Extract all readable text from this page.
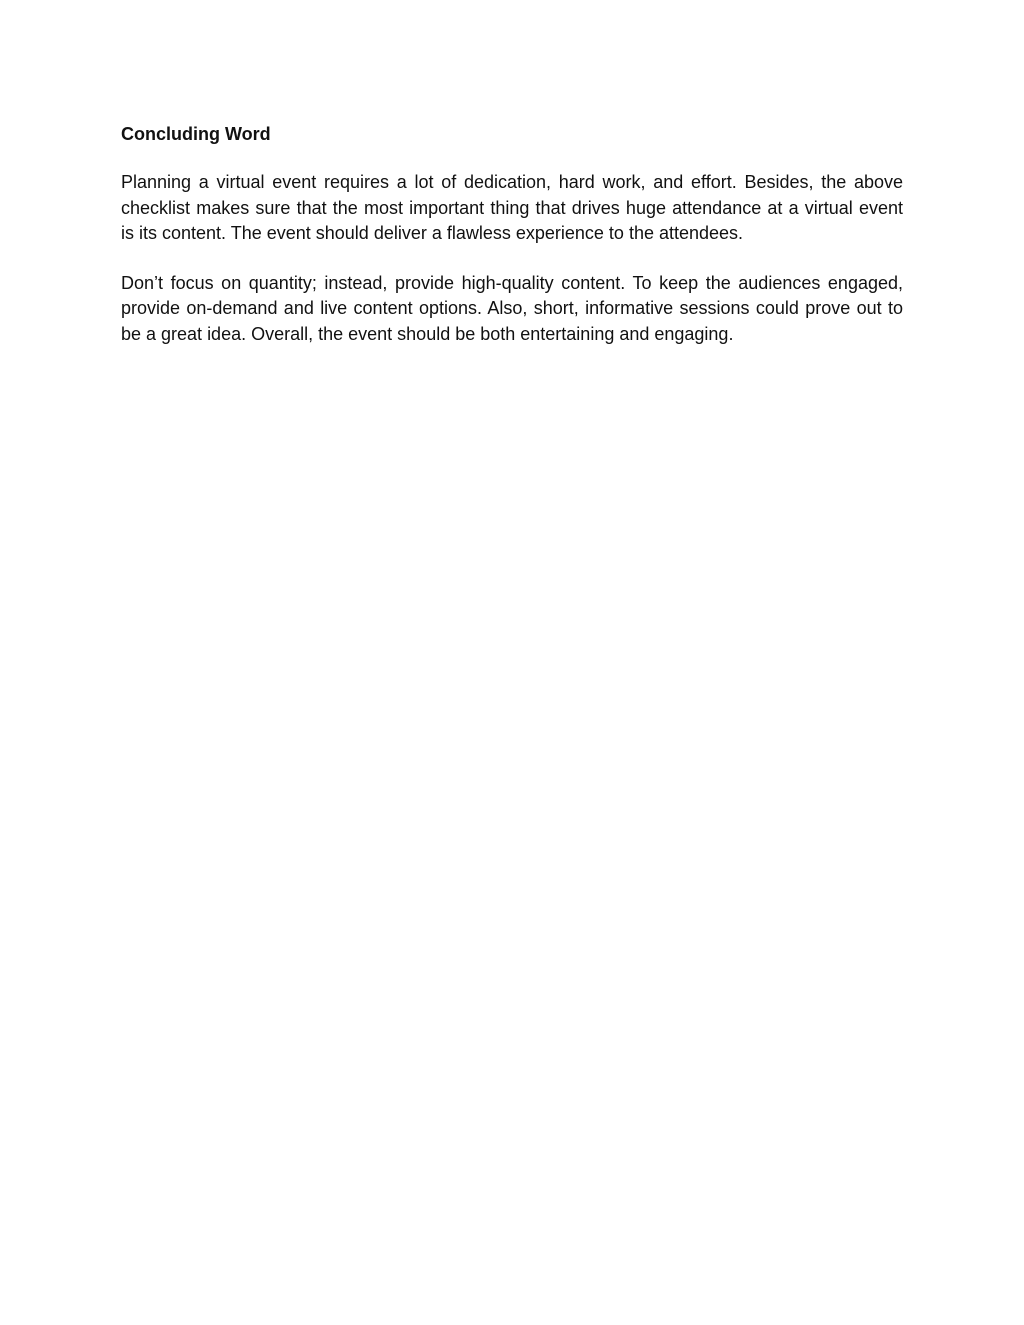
Concluding Word

Planning a virtual event requires a lot of dedication, hard work, and effort. Besides, the above checklist makes sure that the most important thing that drives huge attendance at a virtual event is its content. The event should deliver a flawless experience to the attendees.

Don’t focus on quantity; instead, provide high-quality content. To keep the audiences engaged, provide on-demand and live content options. Also, short, informative sessions could prove out to be a great idea. Overall, the event should be both entertaining and engaging.
